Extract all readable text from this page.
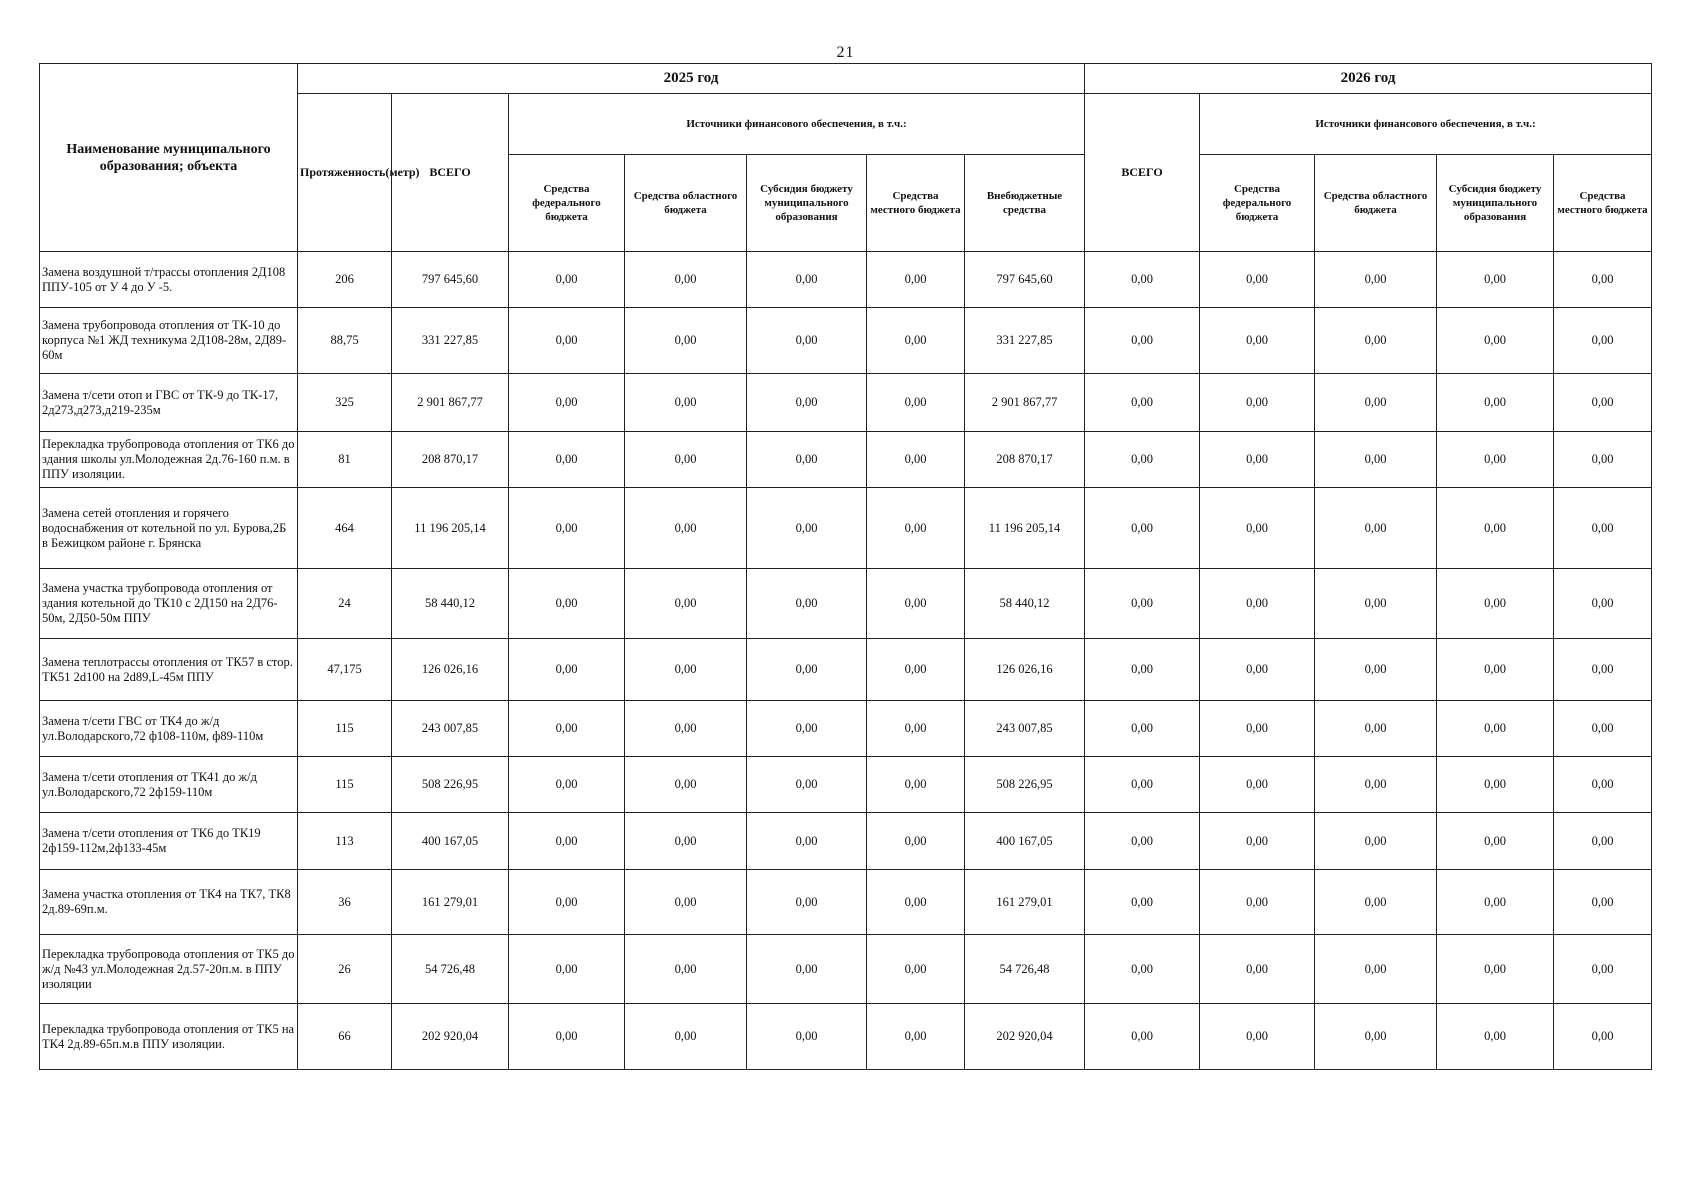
21
Наименование муниципального образования; объекта	2025 год							2026 год				
	Протяженность(метр)	ВСЕГО	Источники финансового обеспечения, в т.ч.:					ВСЕГО	Источники финансового обеспечения, в т.ч.:			
			Средства федерального бюджета	Средства областного бюджета	Субсидия бюджету муниципального образования	Средства местного бюджета	Внебюджетные средства		Средства федерального бюджета	Средства областного бюджета	Субсидия бюджету муниципального образования	Средства местного бюджета
Замена воздушной т/трассы отопления 2Д108 ППУ-105 от У 4 до У -5.	206	797 645,60	0,00	0,00	0,00	0,00	797 645,60	0,00	0,00	0,00	0,00	0,00
Замена трубопровода отопления от ТК-10 до корпуса №1 ЖД техникума 2Д108-28м, 2Д89-60м	88,75	331 227,85	0,00	0,00	0,00	0,00	331 227,85	0,00	0,00	0,00	0,00	0,00
Замена т/сети отоп и ГВС от ТК-9 до ТК-17, 2д273,д273,д219-235м	325	2 901 867,77	0,00	0,00	0,00	0,00	2 901 867,77	0,00	0,00	0,00	0,00	0,00
Перекладка трубопровода отопления от ТК6 до здания школы ул.Молодежная 2д.76-160 п.м. в ППУ изоляции.	81	208 870,17	0,00	0,00	0,00	0,00	208 870,17	0,00	0,00	0,00	0,00	0,00
Замена сетей отопления и горячего водоснабжения от котельной по ул. Бурова,2Б в Бежицком районе г. Брянска	464	11 196 205,14	0,00	0,00	0,00	0,00	11 196 205,14	0,00	0,00	0,00	0,00	0,00
Замена участка трубопровода отопления от здания котельной до ТК10 с 2Д150 на 2Д76-50м, 2Д50-50м ППУ	24	58 440,12	0,00	0,00	0,00	0,00	58 440,12	0,00	0,00	0,00	0,00	0,00
Замена теплотрассы отопления от ТК57 в стор. ТК51 2d100 на 2d89,L-45м ППУ	47,175	126 026,16	0,00	0,00	0,00	0,00	126 026,16	0,00	0,00	0,00	0,00	0,00
Замена т/сети ГВС от ТК4 до ж/д ул.Володарского,72 ф108-110м, ф89-110м	115	243 007,85	0,00	0,00	0,00	0,00	243 007,85	0,00	0,00	0,00	0,00	0,00
Замена т/сети отопления от ТК41 до ж/д ул.Володарского,72 2ф159-110м	115	508 226,95	0,00	0,00	0,00	0,00	508 226,95	0,00	0,00	0,00	0,00	0,00
Замена т/сети отопления от ТК6 до ТК19 2ф159-112м,2ф133-45м	113	400 167,05	0,00	0,00	0,00	0,00	400 167,05	0,00	0,00	0,00	0,00	0,00
Замена участка отопления от ТК4 на ТК7, ТК8 2д.89-69п.м.	36	161 279,01	0,00	0,00	0,00	0,00	161 279,01	0,00	0,00	0,00	0,00	0,00
Перекладка трубопровода отопления от ТК5 до ж/д №43 ул.Молодежная 2д.57-20п.м. в ППУ изоляции	26	54 726,48	0,00	0,00	0,00	0,00	54 726,48	0,00	0,00	0,00	0,00	0,00
Перекладка трубопровода отопления от ТК5 на ТК4 2д.89-65п.м.в ППУ изоляции.	66	202 920,04	0,00	0,00	0,00	0,00	202 920,04	0,00	0,00	0,00	0,00	0,00
